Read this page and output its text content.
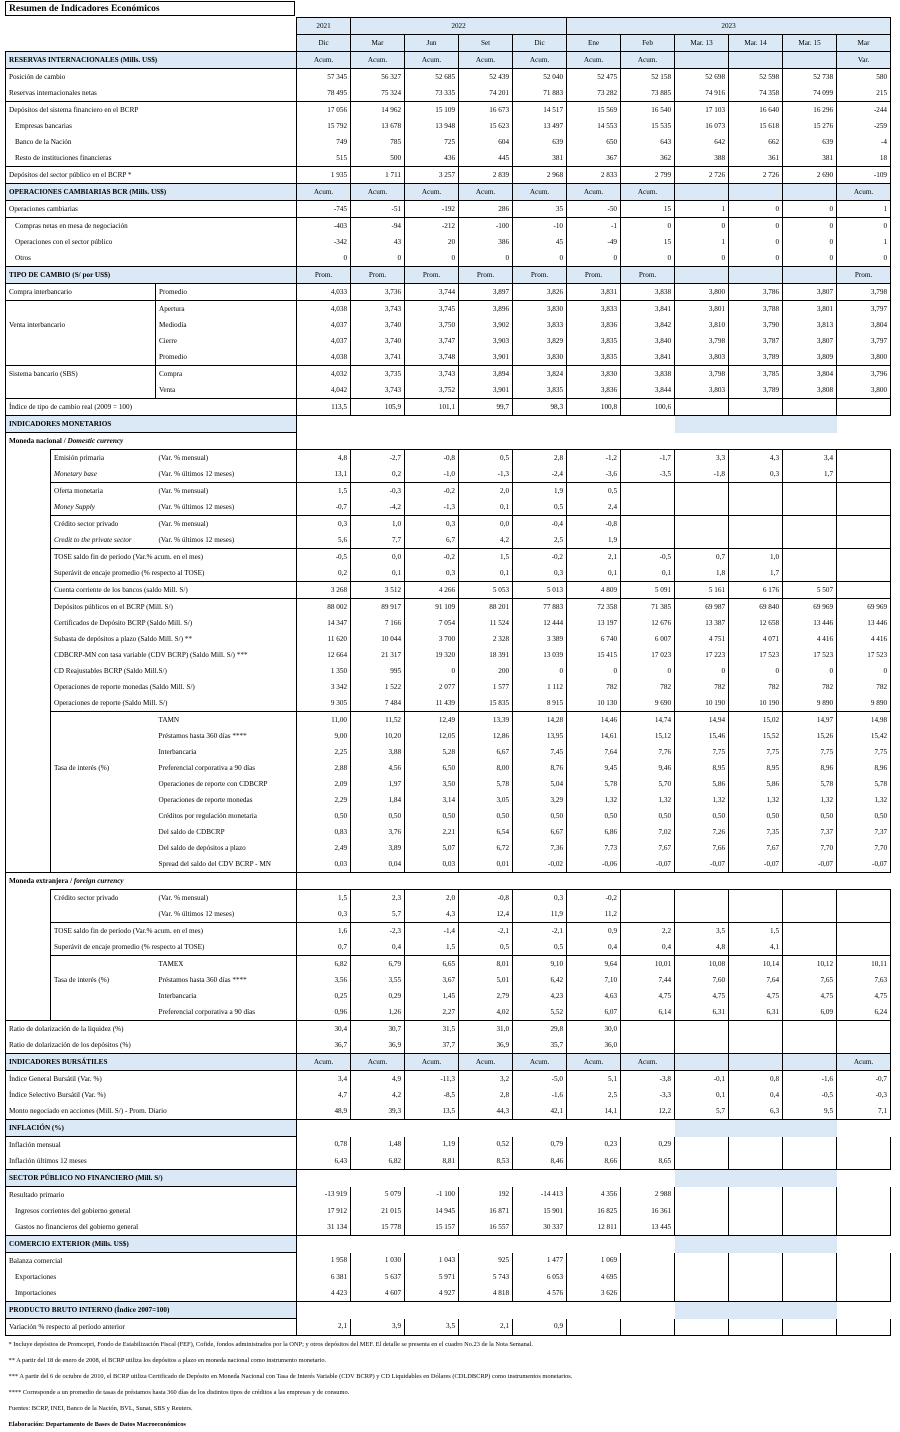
Resumen de Indicadores Económicos
			2021	2022				2023					
			Dic	Mar	Jun	Set	Dic	Ene	Feb	Mar. 13	Mar. 14	Mar. 15	Mar
RESERVAS INTERNACIONALES (Mills. US$)			Acum.	Acum.	Acum.	Acum.	Acum.	Acum.	Acum.				Var.
Posición de cambio			57 345	56 327	52 685	52 439	52 040	52 475	52 158	52 698	52 598	52 738	580
Reservas internacionales netas			78 495	75 324	73 335	74 201	71 883	73 282	73 885	74 916	74 358	74 099	215
Depósitos del sistema financiero en el BCRP			17 056	14 962	15 109	16 673	14 517	15 569	16 540	17 103	16 640	16 296	-244
Empresas bancarias			15 792	13 678	13 948	15 623	13 497	14 553	15 535	16 073	15 618	15 276	-259
Banco de la Nación			749	785	725	604	639	650	643	642	662	639	-4
Resto de instituciones financieras			515	500	436	445	381	367	362	388	361	381	18
Depósitos del sector público en el BCRP *			1 935	1 711	3 257	2 839	2 968	2 833	2 799	2 726	2 726	2 690	-109
OPERACIONES CAMBIARIAS BCR (Mills. US$)			Acum.	Acum.	Acum.	Acum.	Acum.	Acum.	Acum.				Acum.
Operaciones cambiarias			-745	-51	-192	286	35	-50	15	1	0	0	1
Compras netas en mesa de negociación			-403	-94	-212	-100	-10	-1	0	0	0	0	0
Operaciones con el sector público			-342	43	20	386	45	-49	15	1	0	0	1
Otros			0	0	0	0	0	0	0	0	0	0	0
TIPO DE CAMBIO (S/ por US$)			Prom.	Prom.	Prom.	Prom.	Prom.	Prom.	Prom.				Prom.
Compra interbancario		Promedio	4,033	3,736	3,744	3,897	3,826	3,831	3,838	3,800	3,786	3,807	3,798
		Apertura	4,038	3,743	3,745	3,896	3,830	3,833	3,841	3,801	3,788	3,801	3,797
Venta interbancario		Mediodía	4,037	3,740	3,750	3,902	3,833	3,836	3,842	3,810	3,790	3,813	3,804
		Cierre	4,037	3,740	3,747	3,903	3,829	3,835	3,840	3,798	3,787	3,807	3,797
		Promedio	4,038	3,741	3,748	3,901	3,830	3,835	3,841	3,803	3,789	3,809	3,800
Sistema bancario (SBS)		Compra	4,032	3,735	3,743	3,894	3,824	3,830	3,838	3,798	3,785	3,804	3,796
		Venta	4,042	3,743	3,752	3,901	3,835	3,836	3,844	3,803	3,789	3,808	3,800
Índice de tipo de cambio real (2009 = 100)			113,5	105,9	101,1	99,7	98,3	100,8	100,6				
INDICADORES MONETARIOS													
Moneda nacional / Domestic currency													
	Emisión primaria	(Var. % mensual)	4,8	-2,7	-0,8	0,5	2,8	-1,2	-1,7	3,3	4,3	3,4	
	Monetary base	(Var. % últimos 12 meses)	13,1	0,2	-1,0	-1,3	-2,4	-3,6	-3,5	-1,8	0,3	1,7	
	Oferta monetaria	(Var. % mensual)	1,5	-0,3	-0,2	2,0	1,9	0,5					
	Money Supply	(Var. % últimos 12 meses)	-0,7	-4,2	-1,3	0,1	0,5	2,4					
	Crédito sector privado	(Var. % mensual)	0,3	1,0	0,3	0,0	-0,4	-0,8					
	Credit to the private sector	(Var. % últimos 12 meses)	5,6	7,7	6,7	4,2	2,5	1,9					
	TOSE saldo fin de período (Var.% acum. en el mes)		-0,5	0,0	-0,2	1,5	-0,2	2,1	-0,5	0,7	1,0		
	Superávit de encaje promedio (% respecto al TOSE)		0,2	0,1	0,3	0,1	0,3	0,1	0,1	1,8	1,7		
	Cuenta corriente de los bancos (saldo Mill. S/)		3 268	3 512	4 266	5 053	5 013	4 809	5 091	5 161	6 176	5 507	
	Depósitos públicos en el BCRP (Mill. S/)		88 002	89 917	91 109	88 201	77 883	72 358	71 385	69 987	69 840	69 969	69 969
	Certificados de Depósito BCRP (Saldo Mill. S/)		14 347	7 166	7 054	11 524	12 444	13 197	12 676	13 387	12 658	13 446	13 446
	Subasta de depósitos a plazo (Saldo Mill. S/) **		11 620	10 044	3 700	2 328	3 389	6 740	6 007	4 751	4 071	4 416	4 416
	CDBCRP-MN con tasa variable (CDV BCRP) (Saldo Mill. S/) ***		12 664	21 317	19 320	18 391	13 039	15 415	17 023	17 223	17 523	17 523	17 523
	CD Reajustables BCRP (Saldo Mill.S/)		1 350	995	0	200	0	0	0	0	0	0	0
	Operaciones de reporte monedas (Saldo Mill. S/)		3 342	1 522	2 077	1 577	1 112	782	782	782	782	782	782
	Operaciones de reporte (Saldo Mill. S/)		9 305	7 484	11 439	15 835	8 915	10 130	9 690	10 190	10 190	9 890	9 890
		TAMN	11,00	11,52	12,49	13,39	14,28	14,46	14,74	14,94	15,02	14,97	14,98
		Préstamos hasta 360 días ****	9,00	10,20	12,05	12,86	13,95	14,61	15,12	15,46	15,52	15,26	15,42
		Interbancaria	2,25	3,88	5,28	6,67	7,45	7,64	7,76	7,75	7,75	7,75	7,75
	Tasa de interés (%)	Preferencial corporativa a 90 días	2,88	4,56	6,50	8,00	8,76	9,45	9,46	8,95	8,95	8,96	8,96
		Operaciones de reporte con CDBCRP	2,09	1,97	3,50	5,78	5,04	5,78	5,70	5,86	5,86	5,78	5,78
		Operaciones de reporte monedas	2,29	1,84	3,14	3,05	3,29	1,32	1,32	1,32	1,32	1,32	1,32
		Créditos por regulación monetaria	0,50	0,50	0,50	0,50	0,50	0,50	0,50	0,50	0,50	0,50	0,50
		Del saldo de CDBCRP	0,83	3,76	2,21	6,54	6,67	6,86	7,02	7,26	7,35	7,37	7,37
		Del saldo de depósitos a plazo	2,49	3,89	5,07	6,72	7,36	7,73	7,67	7,66	7,67	7,70	7,70
		Spread del saldo del CDV BCRP - MN	0,03	0,04	0,03	0,01	-0,02	-0,06	-0,07	-0,07	-0,07	-0,07	-0,07
Moneda extranjera / foreign currency													
	Crédito sector privado	(Var. % mensual)	1,5	2,3	2,0	-0,8	0,3	-0,2					
		(Var. % últimos 12 meses)	0,3	5,7	4,3	12,4	11,9	11,2					
	TOSE saldo fin de período (Var.% acum. en el mes)		1,6	-2,3	-1,4	-2,1	-2,1	0,9	2,2	3,5	1,5		
	Superávit de encaje promedio (% respecto al TOSE)		0,7	0,4	1,5	0,5	0,5	0,4	0,4	4,8	4,1		
		TAMEX	6,82	6,79	6,65	8,01	9,10	9,64	10,01	10,08	10,14	10,12	10,11
	Tasa de interés (%)	Préstamos hasta 360 días ****	3,56	3,55	3,67	5,01	6,42	7,10	7,44	7,60	7,64	7,65	7,63
		Interbancaria	0,25	0,29	1,45	2,79	4,23	4,63	4,75	4,75	4,75	4,75	4,75
		Preferencial corporativa a 90 días	0,96	1,26	2,27	4,02	5,52	6,07	6,14	6,31	6,31	6,09	6,24
Ratio de dolarización de la liquidez (%)			30,4	30,7	31,5	31,0	29,8	30,0					
Ratio de dolarización de los depósitos (%)			36,7	36,9	37,7	36,9	35,7	36,0					
INDICADORES BURSÁTILES			Acum.	Acum.	Acum.	Acum.	Acum.	Acum.	Acum.				Acum.
Índice General Bursátil (Var. %)			3,4	4,9	-11,3	3,2	-5,0	5,1	-3,8	-0,1	0,8	-1,6	-0,7
Índice Selectivo Bursátil (Var. %)			4,7	4,2	-8,5	2,8	-1,6	2,5	-3,3	0,1	0,4	-0,5	-0,3
Monto negociado en acciones (Mill. S/) - Prom. Diario			48,9	39,3	13,5	44,3	42,1	14,1	12,2	5,7	6,3	9,5	7,1
INFLACIÓN (%)													
Inflación mensual			0,78	1,48	1,19	0,52	0,79	0,23	0,29				
Inflación últimos 12 meses			6,43	6,82	8,81	8,53	8,46	8,66	8,65				
SECTOR PÚBLICO NO FINANCIERO (Mill. S/)													
Resultado primario			-13 919	5 079	-1 100	192	-14 413	4 356	2 988				
Ingresos corrientes del gobierno general			17 912	21 015	14 945	16 871	15 901	16 825	16 361				
Gastos no financieros del gobierno general			31 134	15 778	15 157	16 557	30 337	12 811	13 445				
COMERCIO EXTERIOR (Mills. US$)													
Balanza comercial			1 958	1 030	1 043	925	1 477	1 069					
Exportaciones			6 381	5 637	5 971	5 743	6 053	4 695					
Importaciones			4 423	4 607	4 927	4 818	4 576	3 626					
PRODUCTO BRUTO INTERNO (Índice 2007=100)													
Variación % respecto al período anterior			2,1	3,9	3,5	2,1	0,9						
* Incluye depósitos de Promcepri, Fondo de Estabilización Fiscal (FEF), Cofide, fondos administrados por la ONP; y otros depósitos del MEF. El detalle se presenta en el cuadro No.23 de la Nota Semanal.													
** A partir del 18 de enero de 2008, el BCRP utiliza los depósitos a plazo en moneda nacional como instrumento monetario.													
*** A partir del 6 de octubre de 2010, el BCRP utiliza Certificado de Depósito en Moneda Nacional con Tasa de Interés Variable (CDV BCRP) y CD Liquidables en Dólares (CDLDBCRP) como instrumentos monetarios.													
**** Corresponde a un promedio de tasas de préstamos hasta 360 días de los distintos tipos de créditos a las empresas y de consumo.													
Fuentes: BCRP, INEI, Banco de la Nación, BVL, Sunat, SBS y Reuters.													
Elaboración: Departamento de Bases de Datos Macroeconómicos													
